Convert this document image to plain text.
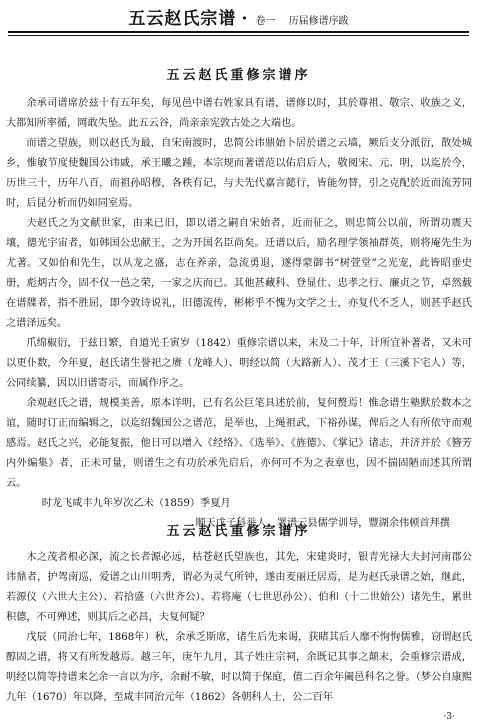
五云赵氏宗谱 · 卷一 历届修谱序跋
五云赵氏重修宗谱序

余承司谱席於兹十有五年矣，每见邑中谱右姓家具有谱，谱修以时，其於尊祖、敬宗、收族之义，大都知所率循，岡敢失坠。此五云谷，尚亲亲宪敦古处之大端也。

而谱之望族，则以赵氏为最，自宋南渡时，忠简公讳鼎始卜居於谱之云墙，厥后支分派衍，散处城乡，惟敏节度使魏国公讳戚，承王曦之踵，本宗规而著谱范以佑启后人，敬阅宋、元、明，以迄於今，历世三十，历年八百，而祖孙昭穆，各秩有记，与夫先代嘉言懿行，皆能勿替，引之克配於近而流芳同时，后昆分析而仍如同室焉。

夫赵氏之为文献世家，由来已旧，即以谱之嗣自宋始者，近而征之，则忠简公以前，所谓功震天壤，德光宇宙者，如韩国公忠献王，之为开国名臣尚矣。迁谱以后，励名理学领袖群英，则将庵先生为尤著。又如伯和先生，以从龙之盛，志在养亲，急流勇退，遂得蒙御书“树萱堂”之光宠，此皆昭垂史册，彪炳古今，固不仅一邑之荣，一家之庆而已。其他甚藏科、登显仕、忠孝之行、廉贞之节，卓然载在谱牒者，指不胜屈，即今敦诗说礼，旧德流传，彬彬乎不愧为文学之士，亦复代不乏人，则甚乎赵氏之谱泽远矣。

爪绵椒衍，于兹日繁，自道光壬寅岁（1842）重修宗谱以来，末及二十年，计所宜补著者，又未可以更仆数，今年夏，赵氏诸生誉祀之赓（龙峰人）、明经以简（大路新人）、茂才王（三溪下宅人）等，公同续纂，因以旧谱寄示，而属作序之。

余观赵氏之谱，规模美善，原本详明，已有名公巨笔具述於前，复何赘焉！惟念谱生塾默於数本之谊，随时订正而编辑之，以迄绍魏国公之谱范，是举也，上绳祖武，下裕孙谋，俾后之人有所依守而观感焉。赵氏之兴，必能复振，他日可以增入《经络》、《选举》、《旌德》、《掌记》诸志，并济并於《簪芳内外编集》者，正未可量，则谱生之有功於承先启后，亦何可不为之表章也，因不揣固陋而述其所谓云。

时龙飞咸丰九年岁次乙未（1859）季夏月

顺天戊子科举人，署谱云县儒学训导，豐湖余伟顿首拜撰

五云赵氏重修宗谱序

木之茂者根必深，流之长者源必远，枯苍赵氏望族也，其先，宋建炎时，银青光禄大夫封河南郡公讳鼎者，护驾南巡，爱谱之山川明秀，谓必为灵气所钟，遂由麦丽迁居焉，是为赵氏录谱之始，继此，若源仪（六世大主公）、若拾盛（六世齐公）、若将庵（七世思孙公）、伯和（十二世始公）诸先生，累世积德，不可殚述，则其后之必昌，夫复何疑？

戊辰（同治七年，1868年）秋，余承乏斯席，诸生后先来谒，获睹其后人靡不恂恂儒雅，窃谓赵氏醇固之谱，将又有所发越焉。越三年，庚午九月，其子姓庄宗祠，余既记其事之颠末，会重修宗谱成，明经以简等持谱来乞余一言以为序，余耐不敏，时以简于保庭，值二百余年阖邑科名之誉。（梦公自康熙九年（1670）年以降，至咸丰同治元年（1862）各朝科人士，公二百年

·3·
